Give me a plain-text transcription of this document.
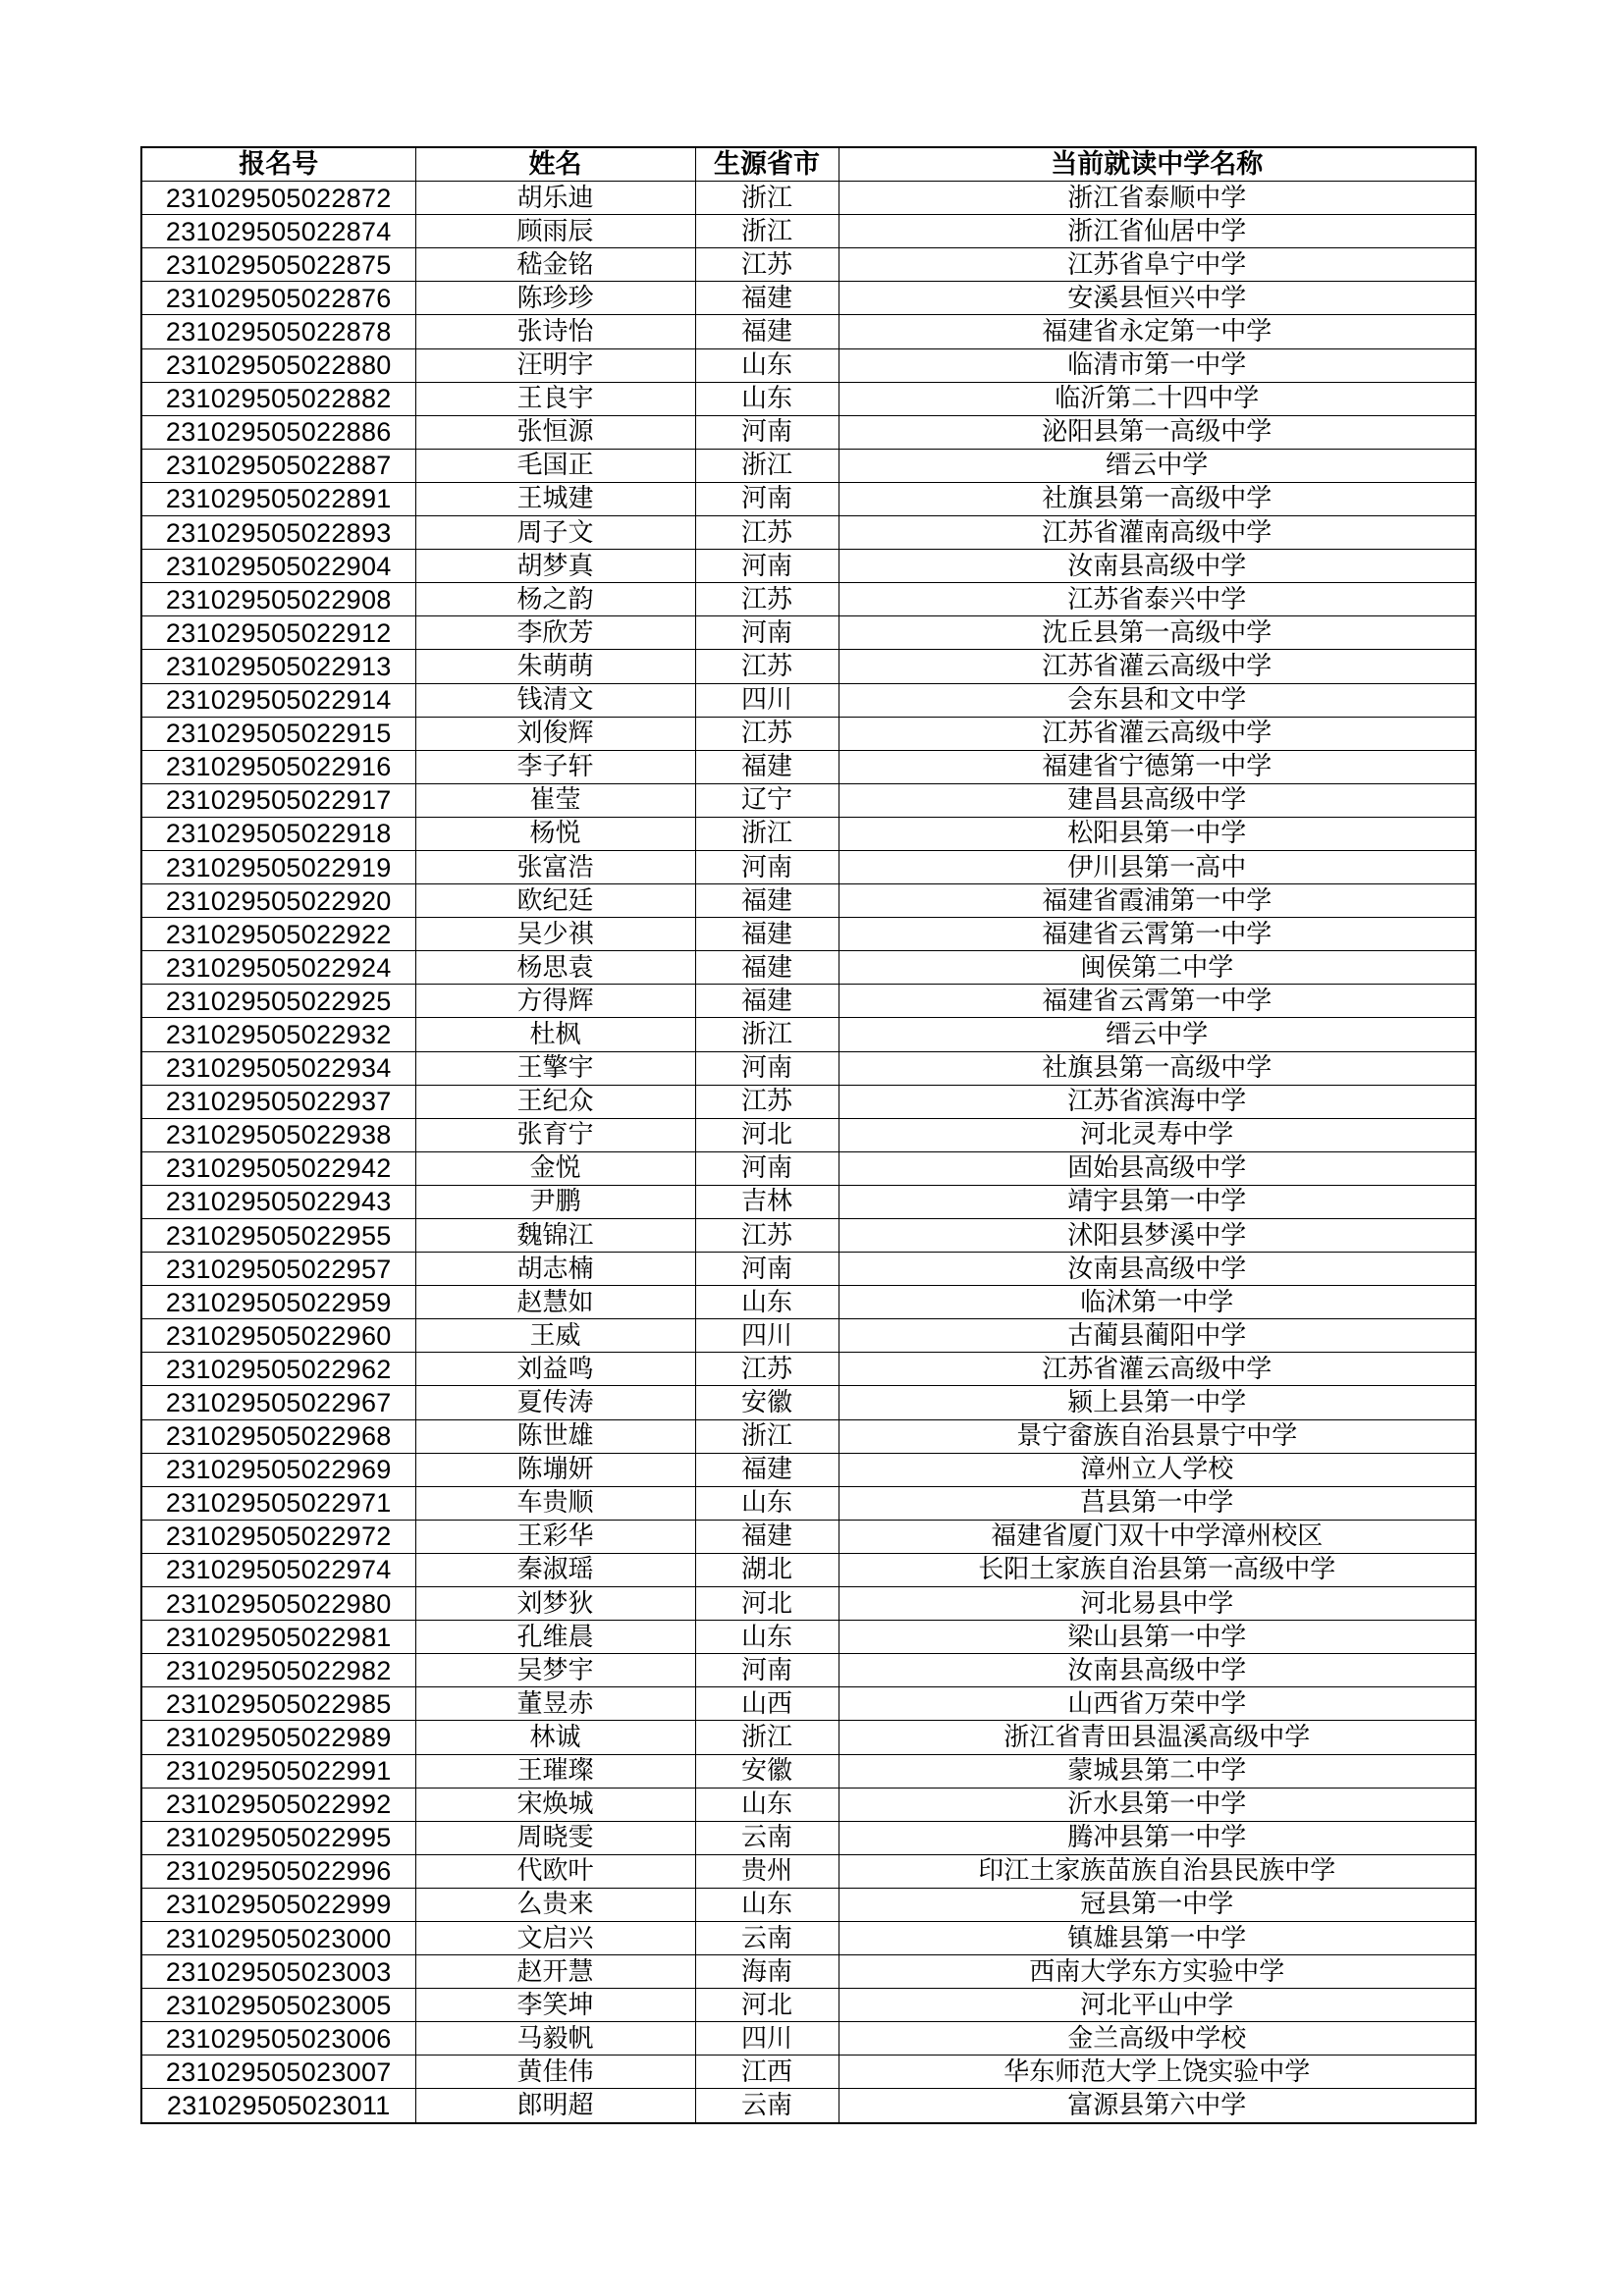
报名号	姓名	生源省市	当前就读中学名称
231029505022872	胡乐迪	浙江	浙江省泰顺中学
231029505022874	顾雨辰	浙江	浙江省仙居中学
231029505022875	嵇金铭	江苏	江苏省阜宁中学
231029505022876	陈珍珍	福建	安溪县恒兴中学
231029505022878	张诗怡	福建	福建省永定第一中学
231029505022880	汪明宇	山东	临清市第一中学
231029505022882	王良宇	山东	临沂第二十四中学
231029505022886	张恒源	河南	泌阳县第一高级中学
231029505022887	毛国正	浙江	缙云中学
231029505022891	王城建	河南	社旗县第一高级中学
231029505022893	周子文	江苏	江苏省灌南高级中学
231029505022904	胡梦真	河南	汝南县高级中学
231029505022908	杨之韵	江苏	江苏省泰兴中学
231029505022912	李欣芳	河南	沈丘县第一高级中学
231029505022913	朱萌萌	江苏	江苏省灌云高级中学
231029505022914	钱清文	四川	会东县和文中学
231029505022915	刘俊辉	江苏	江苏省灌云高级中学
231029505022916	李子轩	福建	福建省宁德第一中学
231029505022917	崔莹	辽宁	建昌县高级中学
231029505022918	杨悦	浙江	松阳县第一中学
231029505022919	张富浩	河南	伊川县第一高中
231029505022920	欧纪廷	福建	福建省霞浦第一中学
231029505022922	吴少祺	福建	福建省云霄第一中学
231029505022924	杨思袁	福建	闽侯第二中学
231029505022925	方得辉	福建	福建省云霄第一中学
231029505022932	杜枫	浙江	缙云中学
231029505022934	王擎宇	河南	社旗县第一高级中学
231029505022937	王纪众	江苏	江苏省滨海中学
231029505022938	张育宁	河北	河北灵寿中学
231029505022942	金悦	河南	固始县高级中学
231029505022943	尹鹏	吉林	靖宇县第一中学
231029505022955	魏锦江	江苏	沭阳县梦溪中学
231029505022957	胡志楠	河南	汝南县高级中学
231029505022959	赵慧如	山东	临沭第一中学
231029505022960	王威	四川	古蔺县蔺阳中学
231029505022962	刘益鸣	江苏	江苏省灌云高级中学
231029505022967	夏传涛	安徽	颍上县第一中学
231029505022968	陈世雄	浙江	景宁畲族自治县景宁中学
231029505022969	陈塴妍	福建	漳州立人学校
231029505022971	车贵顺	山东	莒县第一中学
231029505022972	王彩华	福建	福建省厦门双十中学漳州校区
231029505022974	秦淑瑶	湖北	长阳土家族自治县第一高级中学
231029505022980	刘梦狄	河北	河北易县中学
231029505022981	孔维晨	山东	梁山县第一中学
231029505022982	吴梦宇	河南	汝南县高级中学
231029505022985	董昱赤	山西	山西省万荣中学
231029505022989	林诚	浙江	浙江省青田县温溪高级中学
231029505022991	王璀璨	安徽	蒙城县第二中学
231029505022992	宋焕城	山东	沂水县第一中学
231029505022995	周晓雯	云南	腾冲县第一中学
231029505022996	代欧叶	贵州	印江土家族苗族自治县民族中学
231029505022999	么贵来	山东	冠县第一中学
231029505023000	文启兴	云南	镇雄县第一中学
231029505023003	赵开慧	海南	西南大学东方实验中学
231029505023005	李笑坤	河北	河北平山中学
231029505023006	马毅帆	四川	金兰高级中学校
231029505023007	黄佳伟	江西	华东师范大学上饶实验中学
231029505023011	郎明超	云南	富源县第六中学
